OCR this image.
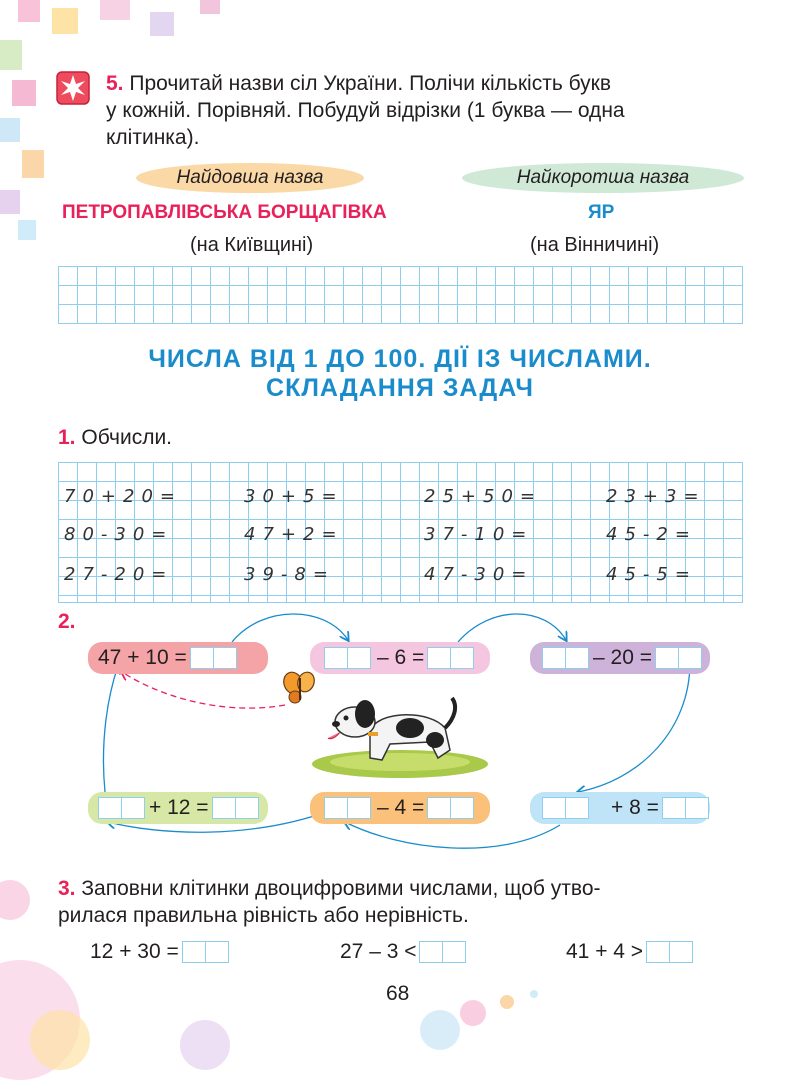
5. Прочитай назви сіл України. Полічи кількість букв
у кожній. Порівняй. Побудуй відрізки (1 буква — одна
клітинка).
Найдовша назва	Найкоротша назва
ПЕТРОПАВЛІВСЬКА БОРЩАГІВКА	ЯР
(на Київщині)	(на Вінничині)
ЧИСЛА ВІД 1 ДО 100. ДІЇ ІЗ ЧИСЛАМИ.
СКЛАДАННЯ ЗАДАЧ
1. Обчисли.
70+20=	30+5=	25+50=	23+3=
80-30=	47+2=	37-10=	45-2=
27-20=	39-8=	47-30=	45-5=
2.
47 + 10 =	– 6 =	– 20 =
+ 12 =	– 4 =	+ 8 =
3. Заповни клітинки двоцифровими числами, щоб утво-
рилася правильна рівність або нерівність.
12 + 30 =	27 – 3 <	41 + 4 >
68
